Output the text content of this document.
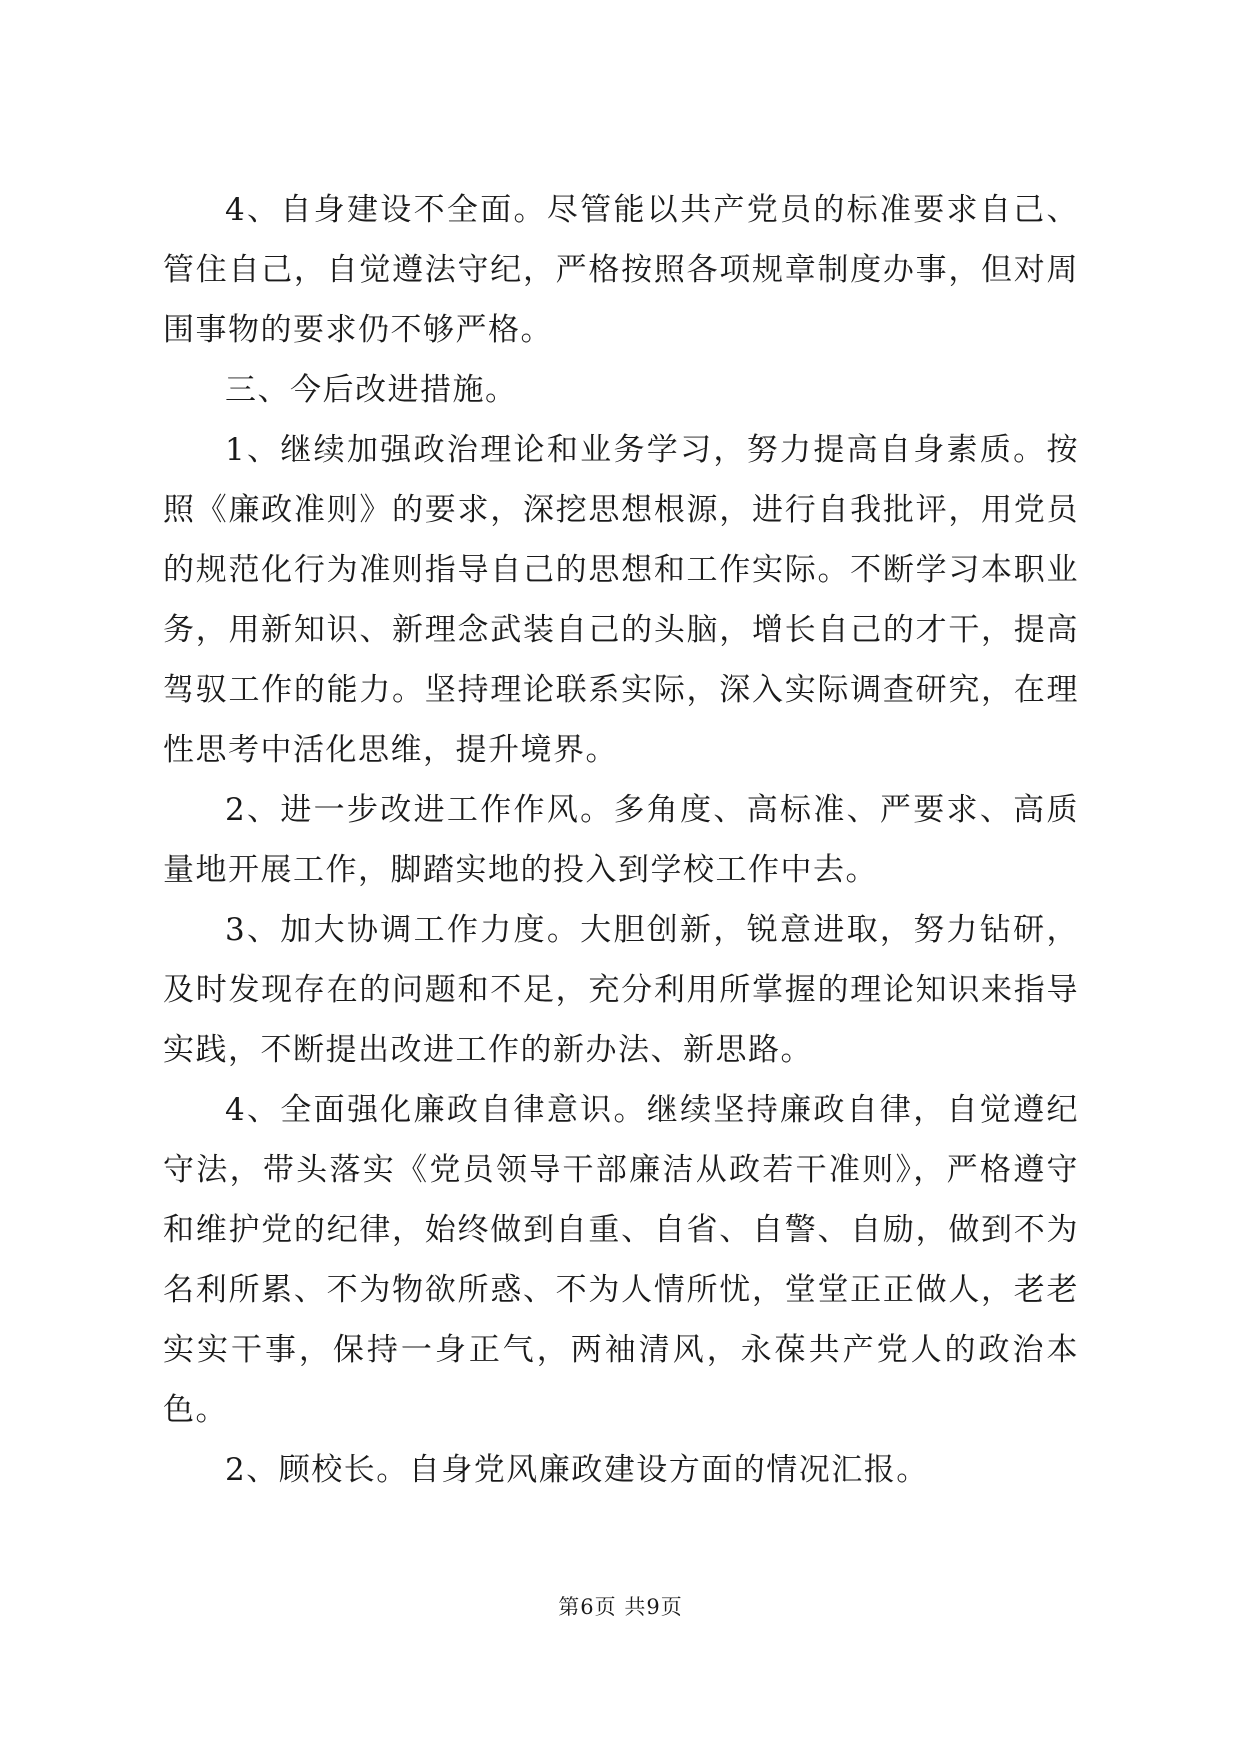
4、自身建设不全面。尽管能以共产党员的标准要求自己、管住自己，自觉遵法守纪，严格按照各项规章制度办事，但对周围事物的要求仍不够严格。

三、今后改进措施。

1、继续加强政治理论和业务学习，努力提高自身素质。按照《廉政准则》的要求，深挖思想根源，进行自我批评，用党员的规范化行为准则指导自己的思想和工作实际。不断学习本职业务，用新知识、新理念武装自己的头脑，增长自己的才干，提高驾驭工作的能力。坚持理论联系实际，深入实际调查研究，在理性思考中活化思维，提升境界。

2、进一步改进工作作风。多角度、高标准、严要求、高质量地开展工作，脚踏实地的投入到学校工作中去。

3、加大协调工作力度。大胆创新，锐意进取，努力钻研，及时发现存在的问题和不足，充分利用所掌握的理论知识来指导实践，不断提出改进工作的新办法、新思路。

4、全面强化廉政自律意识。继续坚持廉政自律，自觉遵纪守法，带头落实《党员领导干部廉洁从政若干准则》，严格遵守和维护党的纪律，始终做到自重、自省、自警、自励，做到不为名利所累、不为物欲所惑、不为人情所忧，堂堂正正做人，老老实实干事，保持一身正气，两袖清风，永葆共产党人的政治本色。

2、顾校长。自身党风廉政建设方面的情况汇报。

第6页 共9页
